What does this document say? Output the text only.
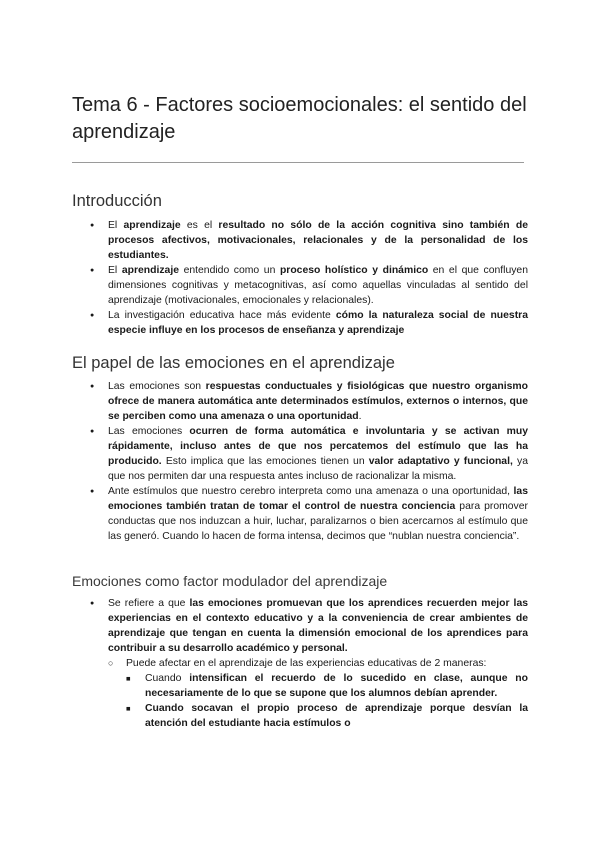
Tema 6 - Factores socioemocionales: el sentido del aprendizaje
Introducción
● El aprendizaje es el resultado no sólo de la acción cognitiva sino también de procesos afectivos, motivacionales, relacionales y de la personalidad de los estudiantes.
● El aprendizaje entendido como un proceso holístico y dinámico en el que confluyen dimensiones cognitivas y metacognitivas, así como aquellas vinculadas al sentido del aprendizaje (motivacionales, emocionales y relacionales).
● La investigación educativa hace más evidente cómo la naturaleza social de nuestra especie influye en los procesos de enseñanza y aprendizaje
El papel de las emociones en el aprendizaje
● Las emociones son respuestas conductuales y fisiológicas que nuestro organismo ofrece de manera automática ante determinados estímulos, externos o internos, que se perciben como una amenaza o una oportunidad.
● Las emociones ocurren de forma automática e involuntaria y se activan muy rápidamente, incluso antes de que nos percatemos del estímulo que las ha producido. Esto implica que las emociones tienen un valor adaptativo y funcional, ya que nos permiten dar una respuesta antes incluso de racionalizar la misma.
● Ante estímulos que nuestro cerebro interpreta como una amenaza o una oportunidad, las emociones también tratan de tomar el control de nuestra conciencia para promover conductas que nos induzcan a huir, luchar, paralizarnos o bien acercarnos al estímulo que las generó. Cuando lo hacen de forma intensa, decimos que “nublan nuestra conciencia”.
Emociones como factor modulador del aprendizaje
● Se refiere a que las emociones promuevan que los aprendices recuerden mejor las experiencias en el contexto educativo y a la conveniencia de crear ambientes de aprendizaje que tengan en cuenta la dimensión emocional de los aprendices para contribuir a su desarrollo académico y personal.
○ Puede afectar en el aprendizaje de las experiencias educativas de 2 maneras:
■ Cuando intensifican el recuerdo de lo sucedido en clase, aunque no necesariamente de lo que se supone que los alumnos debían aprender.
■ Cuando socavan el propio proceso de aprendizaje porque desvían la atención del estudiante hacia estímulos o
